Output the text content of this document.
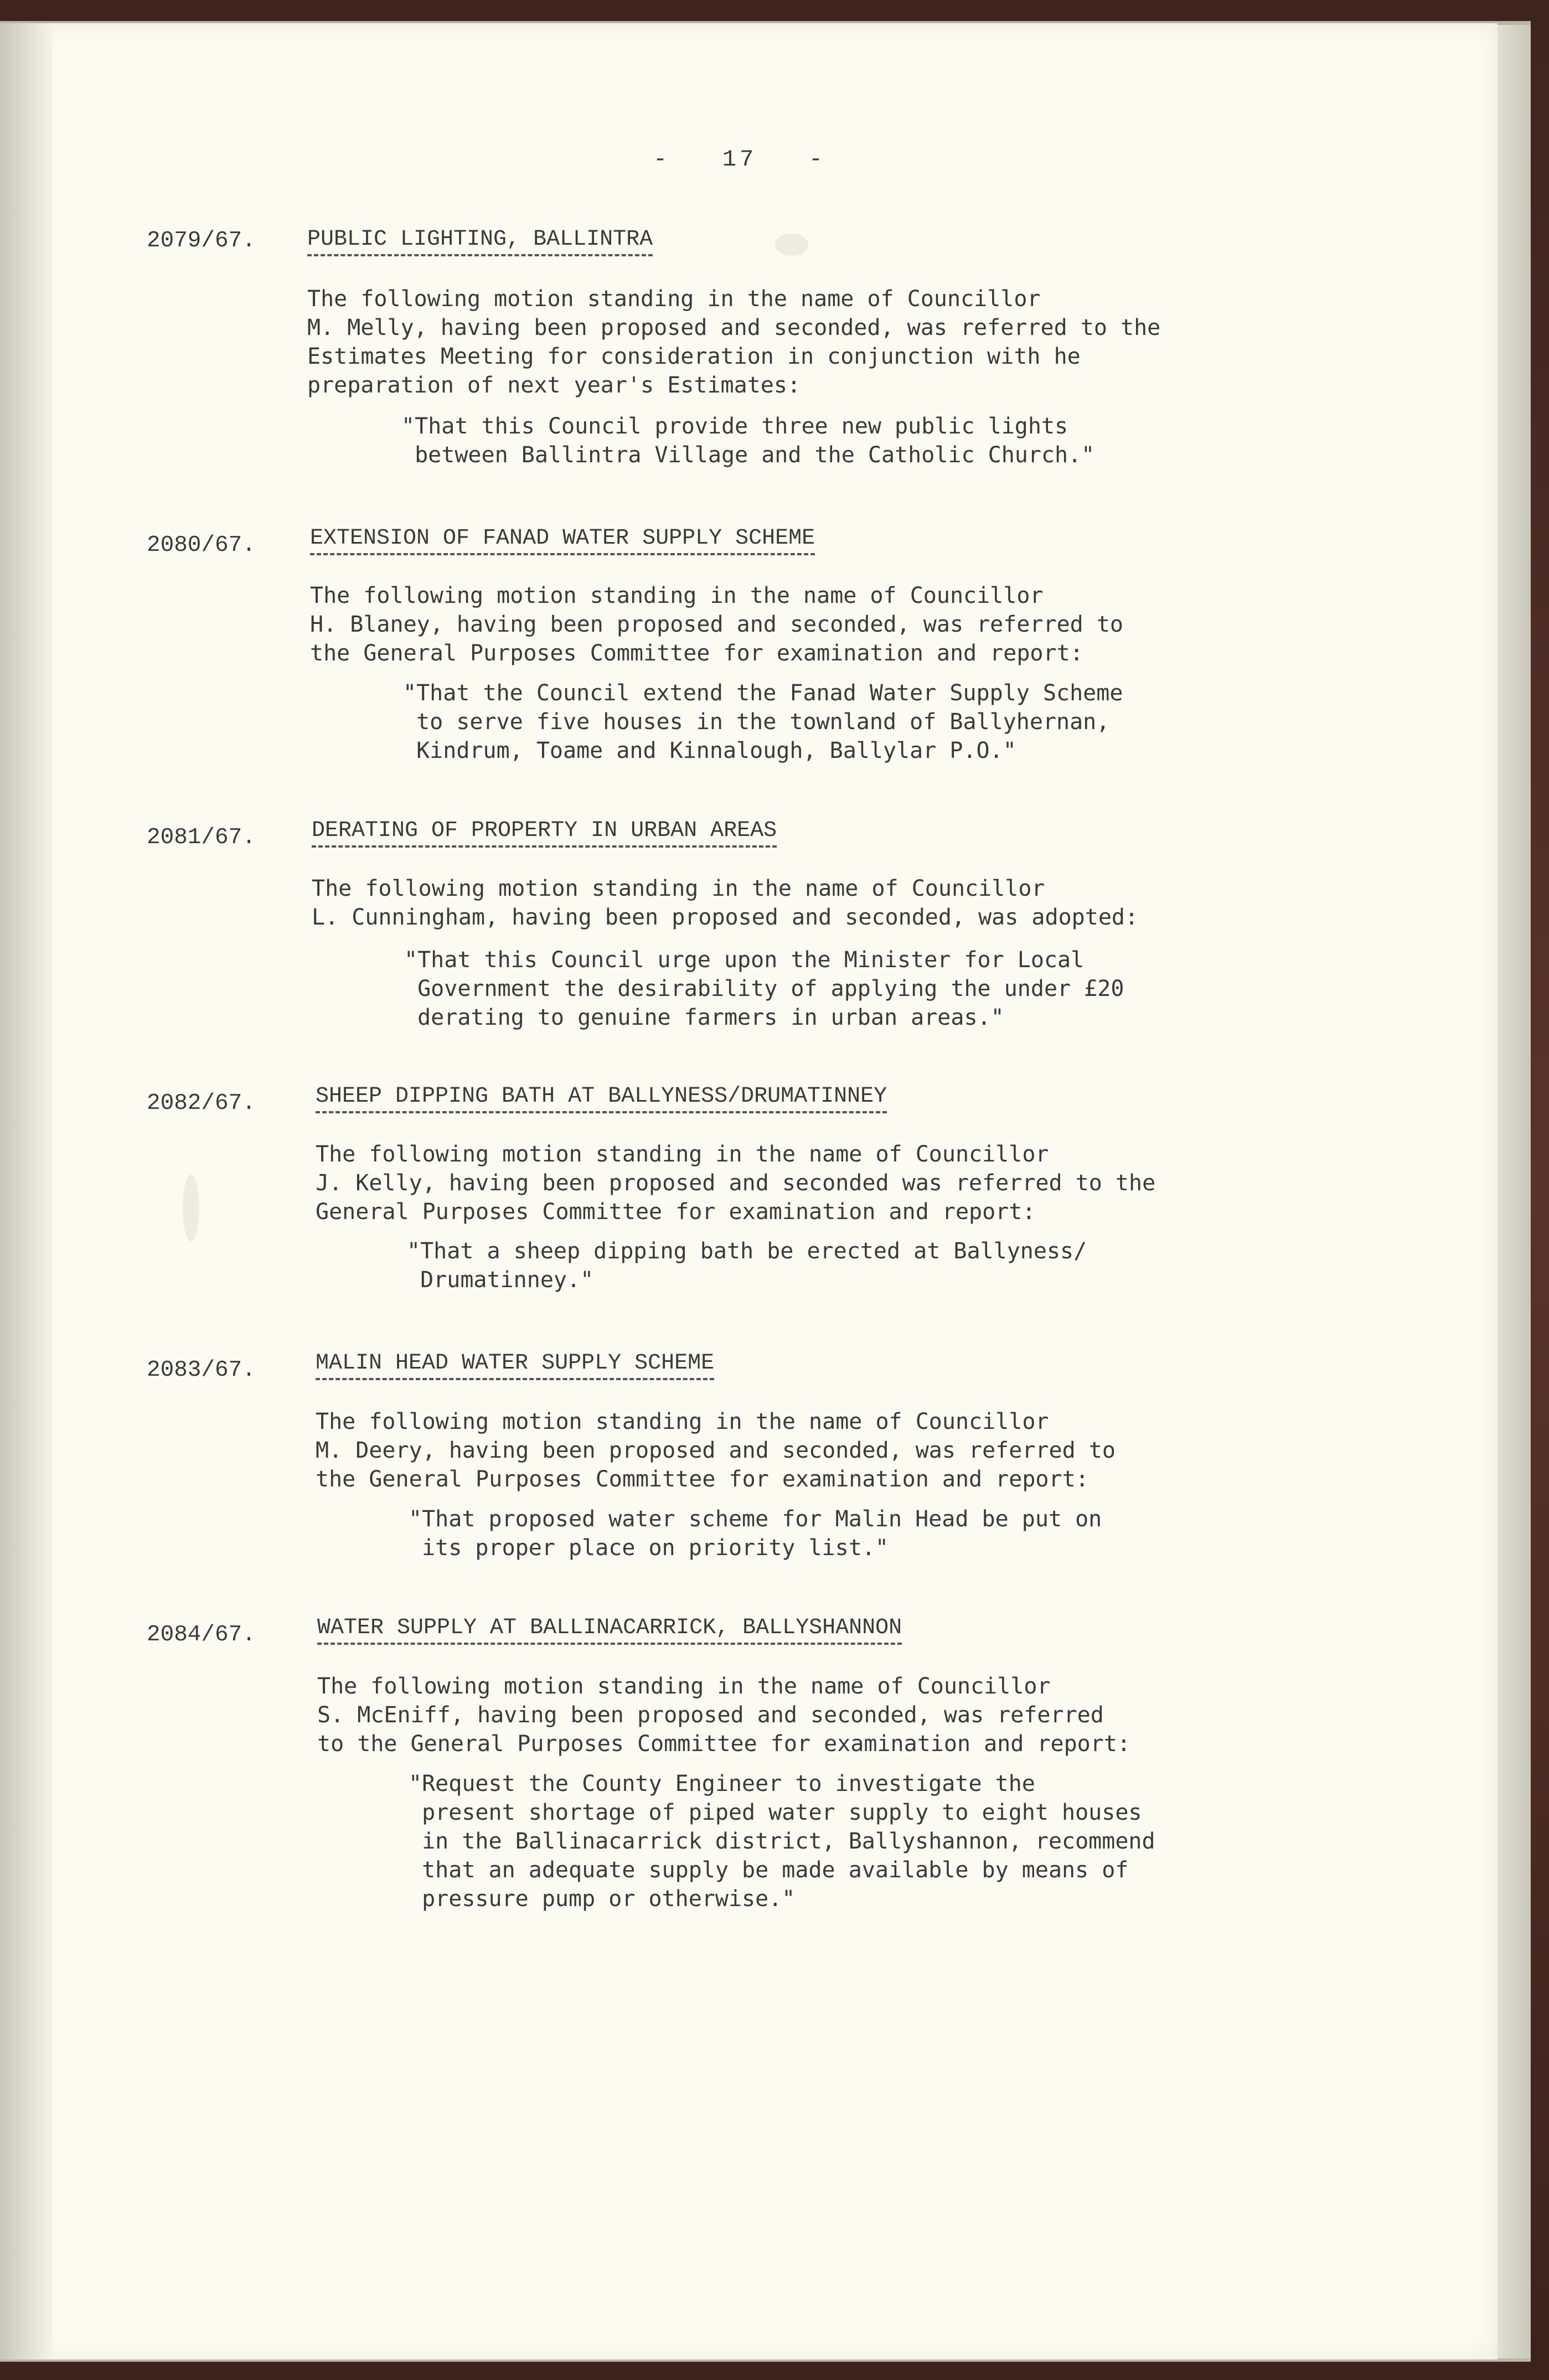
-   17   -
2079/67. PUBLIC LIGHTING, BALLINTRA
The following motion standing in the name of Councillor
M. Melly, having been proposed and seconded, was referred to the
Estimates Meeting for consideration in conjunction with he
preparation of next year's Estimates:
"That this Council provide three new public lights
between Ballintra Village and the Catholic Church."
2080/67. EXTENSION OF FANAD WATER SUPPLY SCHEME
The following motion standing in the name of Councillor
H. Blaney, having been proposed and seconded, was referred to
the General Purposes Committee for examination and report:
"That the Council extend the Fanad Water Supply Scheme
to serve five houses in the townland of Ballyhernan,
Kindrum, Toame and Kinnalough, Ballylar P.O."
2081/67.	DERATING OF PROPERTY IN URBAN AREAS
The following motion standing in the name of Councillor
L. Cunningham, having been proposed and seconded, was adopted:
"That this Council urge upon the Minister for Local
Government the desirability of applying the under £20
derating to genuine farmers in urban areas."
2082/67.	SHEEP DIPPING BATH AT BALLYNESS/DRUMATINNEY
The following motion standing in the name of Councillor
J. Kelly, having been proposed and seconded was referred to the
General Purposes Committee for examination and report:
"That a sheep dipping bath be erected at Ballyness/
Drumatinney."
2083/67.	MALIN HEAD WATER SUPPLY SCHEME
The following motion standing in the name of Councillor
M. Deery, having been proposed and seconded, was referred to
the General Purposes Committee for examination and report:
"That proposed water scheme for Malin Head be put on
its proper place on priority list."
2084/67.	WATER SUPPLY AT BALLINACARRICK, BALLYSHANNON
The following motion standing in the name of Councillor
S. McEniff, having been proposed and seconded, was referred
to the General Purposes Committee for examination and report:
"Request the County Engineer to investigate the
present shortage of piped water supply to eight houses
in the Ballinacarrick district, Ballyshannon, recommend
that an adequate supply be made available by means of
pressure pump or otherwise."
